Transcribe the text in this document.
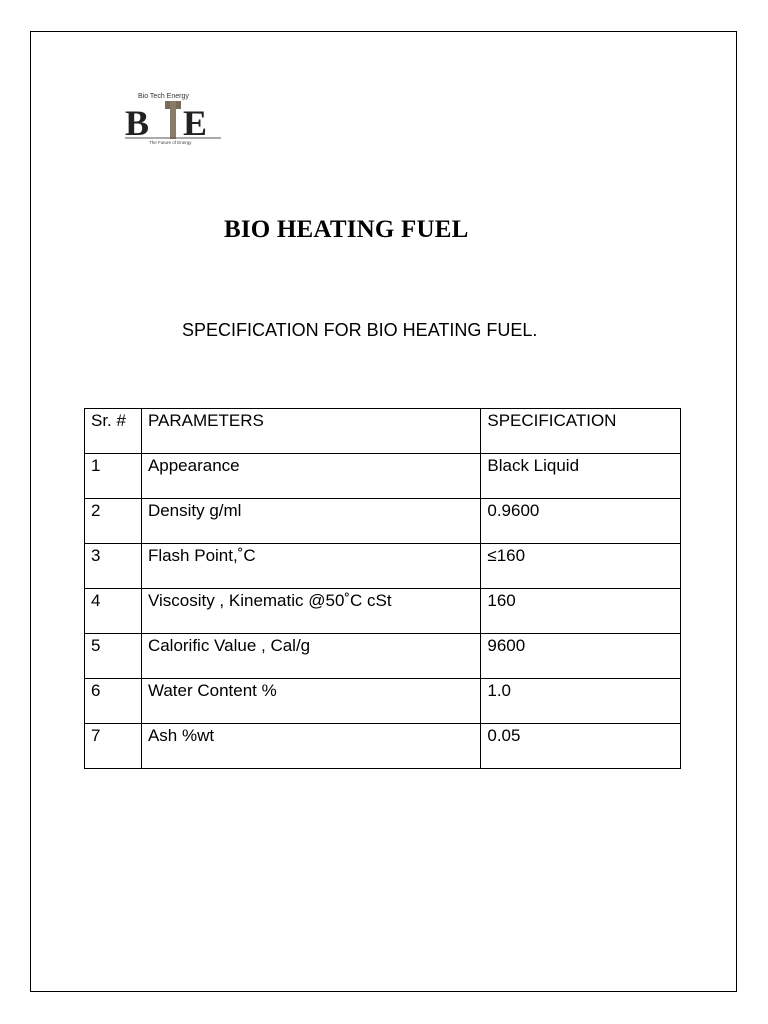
Bio Tech Energy
B E
The Future of Energy
BIO HEATING FUEL
SPECIFICATION FOR BIO HEATING FUEL.
Sr. #	PARAMETERS	SPECIFICATION
1	Appearance	Black Liquid
2	Density g/ml	0.9600
3	Flash Point,˚C	≤160
4	Viscosity , Kinematic @50˚C cSt	160
5	Calorific Value , Cal/g	9600
6	Water Content %	1.0
7	Ash %wt	0.05
